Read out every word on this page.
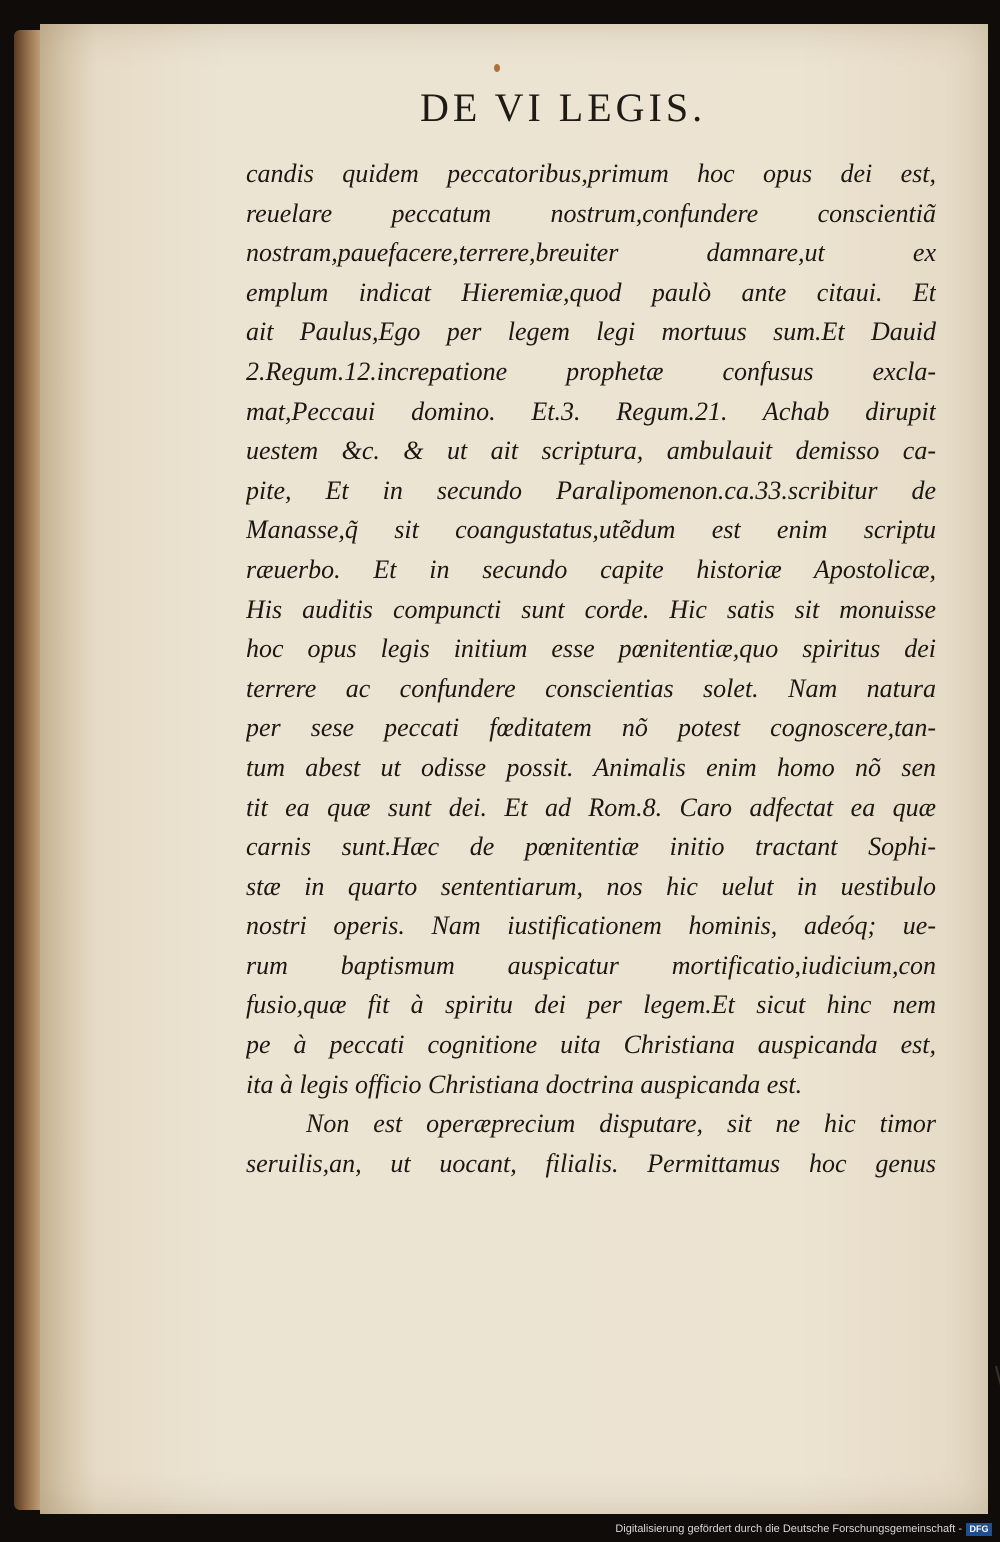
DE VI LEGIS.
candis quidem peccatoribus,primum hoc opus dei est,
reuelare peccatum nostrum,confundere conscientiã
nostram,pauefacere,terrere,breuiter damnare,ut ex
emplum indicat Hieremiæ,quod paulò ante citaui. Et
ait Paulus,Ego per legem legi mortuus sum.Et Dauid
2.Regum.12.increpatione prophetæ confusus excla-
mat,Peccaui domino. Et.3. Regum.21. Achab dirupit
uestem &c. & ut ait scriptura, ambulauit demisso ca-
pite, Et in secundo Paralipomenon.ca.33.scribitur de
Manasse,q̃ sit coangustatus,utẽdum est enim scriptu
ræuerbo. Et in secundo capite historiæ Apostolicæ,
His auditis compuncti sunt corde. Hic satis sit monuisse
hoc opus legis initium esse pœnitentiæ,quo spiritus dei
terrere ac confundere conscientias solet. Nam natura
per sese peccati fœditatem nõ potest cognoscere,tan-
tum abest ut odisse possit. Animalis enim homo nõ sen
tit ea quæ sunt dei. Et ad Rom.8. Caro adfectat ea quæ
carnis sunt.Hæc de pœnitentiæ initio tractant Sophi-
stæ in quarto sententiarum, nos hic uelut in uestibulo
nostri operis. Nam iustificationem hominis, adeóq; ue-
rum baptismum auspicatur mortificatio,iudicium,con
fusio,quæ fit à spiritu dei per legem.Et sicut hinc nem
pe à peccati cognitione uita Christiana auspicanda est,
ita à legis officio Christiana doctrina auspicanda est.
Non est operæprecium disputare, sit ne hic timor
seruilis,an, ut uocant, filialis. Permittamus hoc genus
Digitalisierung gefördert durch die Deutsche Forschungsgemeinschaft - DFG
